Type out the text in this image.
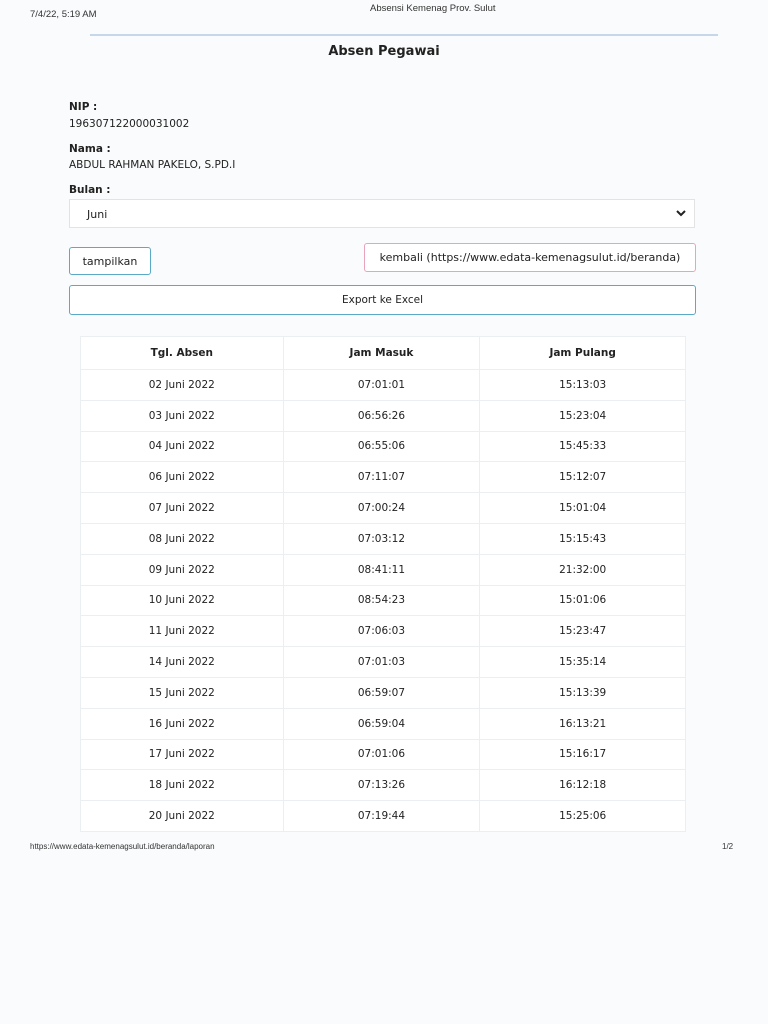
7/4/22, 5:19 AM
Absensi Kemenag Prov. Sulut
Absen Pegawai
NIP :
196307122000031002
Nama :
ABDUL RAHMAN PAKELO, S.PD.I
Bulan :
Juni
tampilkan	kembali (https://www.edata-kemenagsulut.id/beranda)
Export ke Excel
Tgl. Absen	Jam Masuk	Jam Pulang
02 Juni 2022	07:01:01	15:13:03
03 Juni 2022	06:56:26	15:23:04
04 Juni 2022	06:55:06	15:45:33
06 Juni 2022	07:11:07	15:12:07
07 Juni 2022	07:00:24	15:01:04
08 Juni 2022	07:03:12	15:15:43
09 Juni 2022	08:41:11	21:32:00
10 Juni 2022	08:54:23	15:01:06
11 Juni 2022	07:06:03	15:23:47
14 Juni 2022	07:01:03	15:35:14
15 Juni 2022	06:59:07	15:13:39
16 Juni 2022	06:59:04	16:13:21
17 Juni 2022	07:01:06	15:16:17
18 Juni 2022	07:13:26	16:12:18
20 Juni 2022	07:19:44	15:25:06
https://www.edata-kemenagsulut.id/beranda/laporan	1/2
